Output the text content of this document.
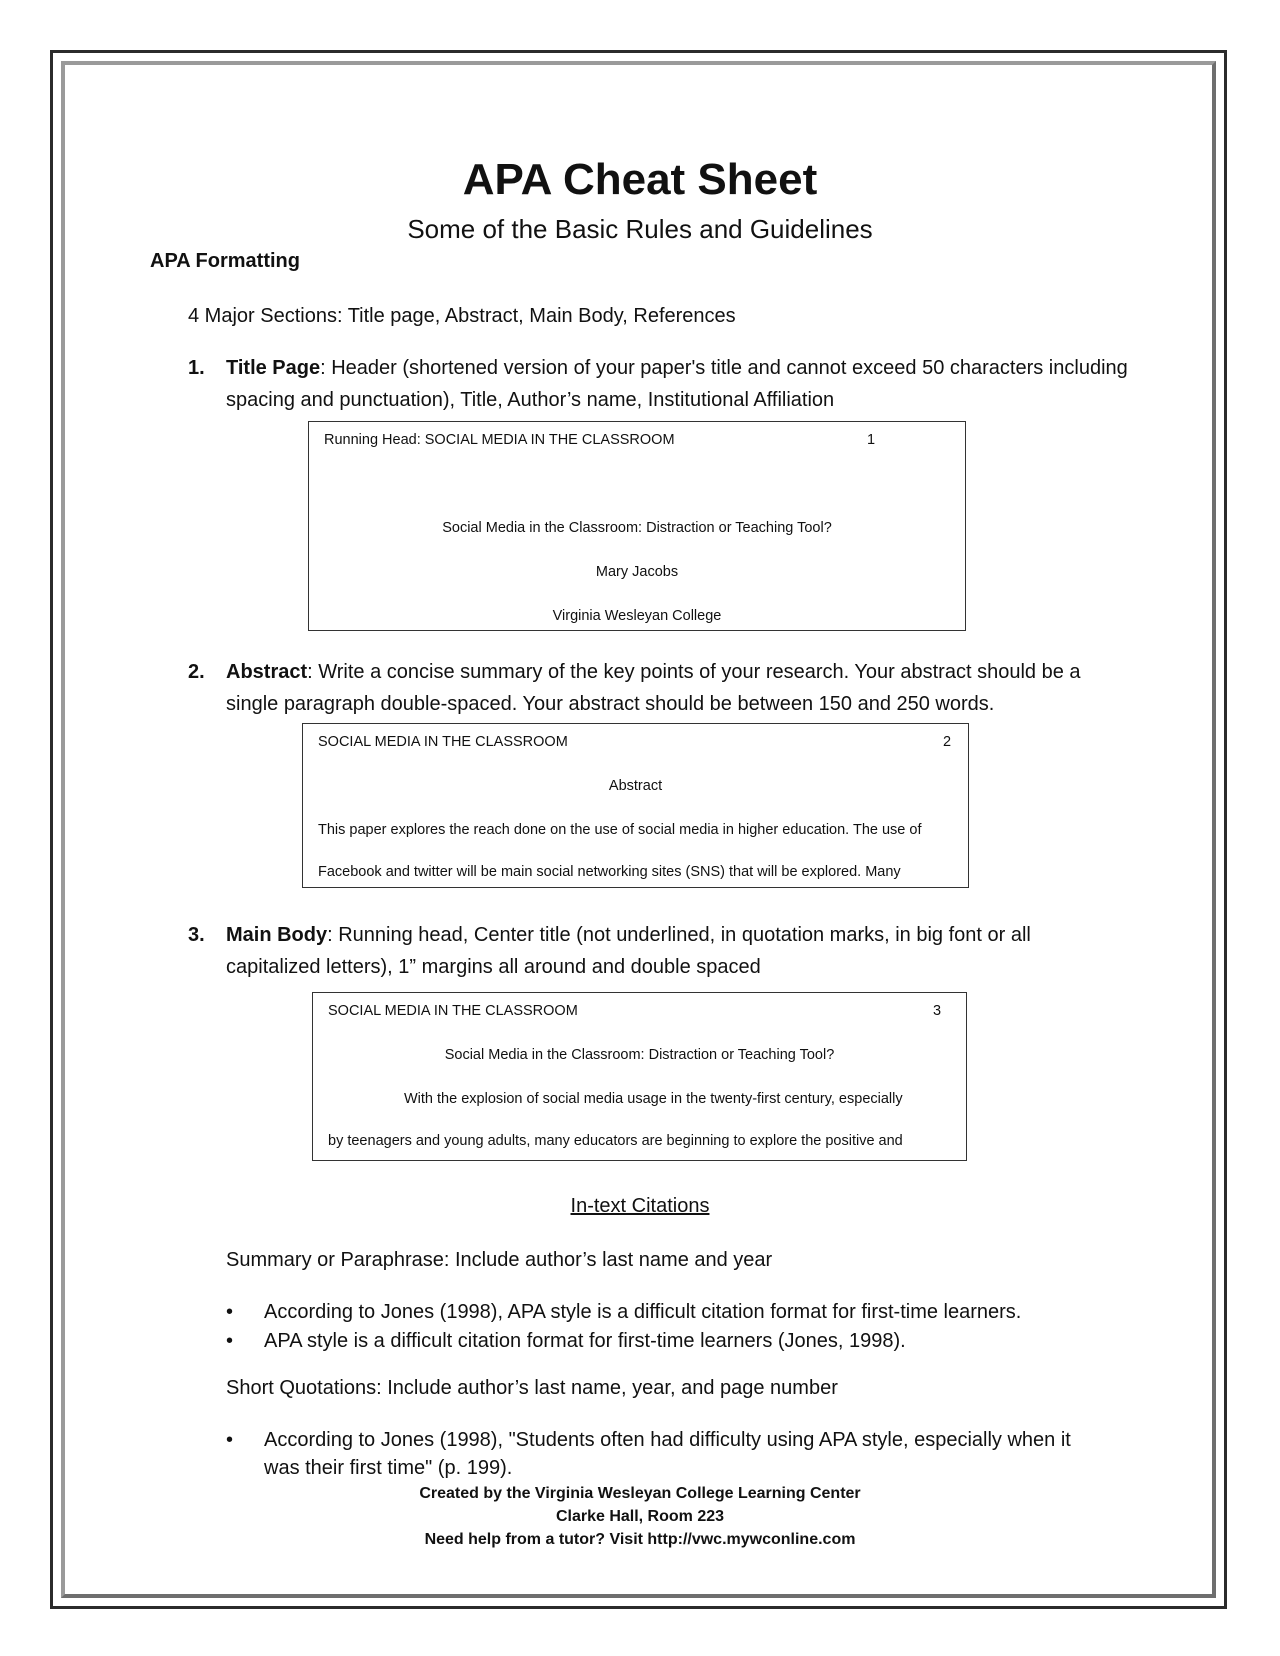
APA Cheat Sheet

Some of the Basic Rules and Guidelines

APA Formatting

4 Major Sections: Title page, Abstract, Main Body, References

1.	Title Page: Header (shortened version of your paper's title and cannot exceed 50 characters including spacing and punctuation), Title, Author’s name, Institutional Affiliation
Running Head: SOCIAL MEDIA IN THE CLASSROOM	1
Social Media in the Classroom: Distraction or Teaching Tool?
Mary Jacobs
Virginia Wesleyan College
2.	Abstract: Write a concise summary of the key points of your research. Your abstract should be a single paragraph double-spaced. Your abstract should be between 150 and 250 words.
SOCIAL MEDIA IN THE CLASSROOM	2
Abstract
This paper explores the reach done on the use of social media in higher education. The use of
Facebook and twitter will be main social networking sites (SNS) that will be explored. Many
3.	Main Body: Running head, Center title (not underlined, in quotation marks, in big font or all capitalized letters), 1” margins all around and double spaced
SOCIAL MEDIA IN THE CLASSROOM	3
Social Media in the Classroom: Distraction or Teaching Tool?
With the explosion of social media usage in the twenty-first century, especially
by teenagers and young adults, many educators are beginning to explore the positive and

In-text Citations

Summary or Paraphrase: Include author’s last name and year

• According to Jones (1998), APA style is a difficult citation format for first-time learners.
• APA style is a difficult citation format for first-time learners (Jones, 1998).

Short Quotations: Include author’s last name, year, and page number

• According to Jones (1998), "Students often had difficulty using APA style, especially when it was their first time" (p. 199).

Created by the Virginia Wesleyan College Learning Center

Clarke Hall, Room 223

Need help from a tutor? Visit http://vwc.mywconline.com
